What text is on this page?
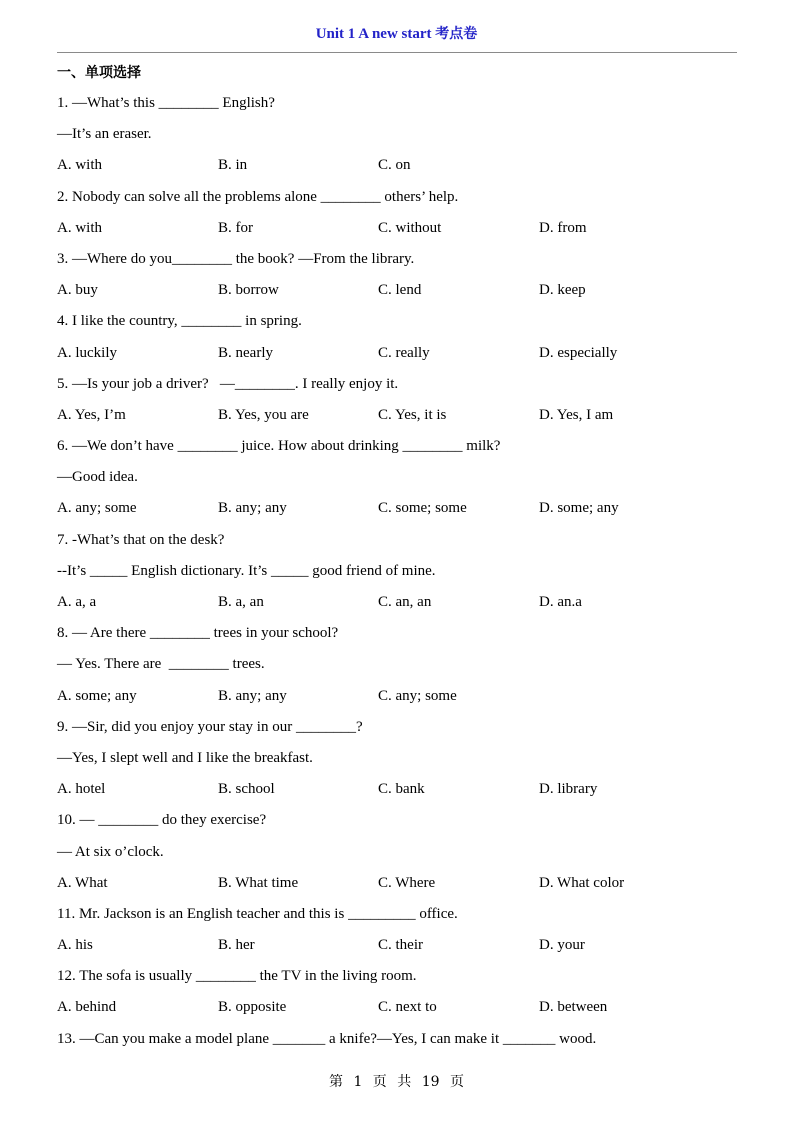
Unit 1 A new start 考点卷
一、单项选择
1. —What’s this ________ English?
—It’s an eraser.
A. with	B. in	C. on
2. Nobody can solve all the problems alone ________ others’ help.
A. with	B. for	C. without	D. from
3. —Where do you________ the book? —From the library.
A. buy	B. borrow	C. lend	D. keep
4. I like the country, ________ in spring.
A. luckily	B. nearly	C. really	D. especially
5. —Is your job a driver?   —________. I really enjoy it.
A. Yes, I’m	B. Yes, you are	C. Yes, it is	D. Yes, I am
6. —We don’t have ________ juice. How about drinking ________ milk?
—Good idea.
A. any; some	B. any; any	C. some; some	D. some; any
7. -What’s that on the desk?
--It’s _____ English dictionary. It’s _____ good friend of mine.
A. a, a	B. a, an	C. an, an	D. an.a
8. — Are there ________ trees in your school?
— Yes. There are  ________ trees.
A. some; any	B. any; any	C. any; some
9. —Sir, did you enjoy your stay in our ________?
—Yes, I slept well and I like the breakfast.
A. hotel	B. school	C. bank	D. library
10. — ________ do they exercise?
— At six o’clock.
A. What	B. What time	C. Where	D. What color
11. Mr. Jackson is an English teacher and this is _________ office.
A. his	B. her	C. their	D. your
12. The sofa is usually ________ the TV in the living room.
A. behind	B. opposite	C. next to	D. between
13. —Can you make a model plane _______ a knife?—Yes, I can make it _______ wood.
第 1 页 共 19 页
